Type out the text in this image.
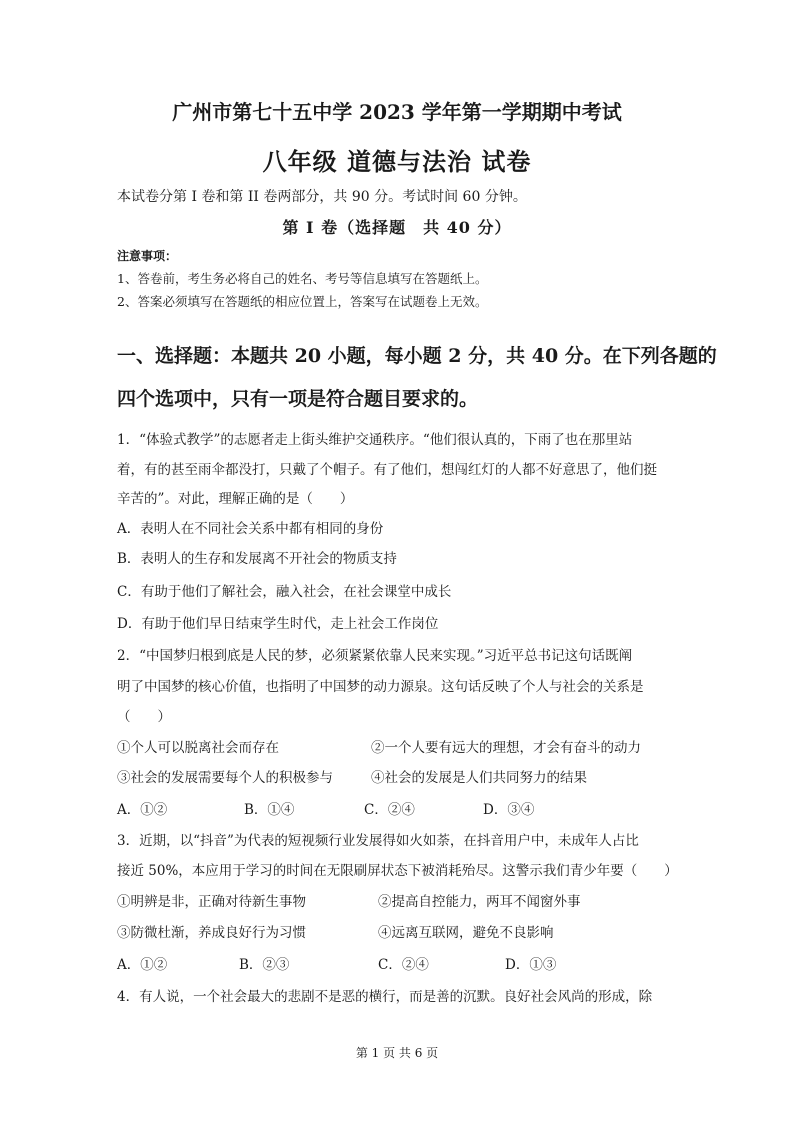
广州市第七十五中学 2023 学年第一学期期中考试

八年级 道德与法治 试卷

本试卷分第 I 卷和第 II 卷两部分，共 90 分。考试时间 60 分钟。

第 I 卷（选择题　共 40 分）

注意事项：

1、答卷前，考生务必将自己的姓名、考号等信息填写在答题纸上。

2、答案必须填写在答题纸的相应位置上，答案写在试题卷上无效。

一、选择题：本题共 20 小题，每小题 2 分，共 40 分。在下列各题的

四个选项中，只有一项是符合题目要求的。

1．“体验式教学”的志愿者走上街头维护交通秩序。“他们很认真的，下雨了也在那里站

着，有的甚至雨伞都没打，只戴了个帽子。有了他们，想闯红灯的人都不好意思了，他们挺

辛苦的”。对此，理解正确的是（　　）

A．表明人在不同社会关系中都有相同的身份

B．表明人的生存和发展离不开社会的物质支持

C．有助于他们了解社会，融入社会，在社会课堂中成长

D．有助于他们早日结束学生时代，走上社会工作岗位

2．“中国梦归根到底是人民的梦，必须紧紧依靠人民来实现。”习近平总书记这句话既阐

明了中国梦的核心价值，也指明了中国梦的动力源泉。这句话反映了个人与社会的关系是

（　　）

①个人可以脱离社会而存在	②一个人要有远大的理想，才会有奋斗的动力

③社会的发展需要每个人的积极参与	④社会的发展是人们共同努力的结果

A．①②	B．①④	C．②④	D．③④

3．近期，以“抖音”为代表的短视频行业发展得如火如荼，在抖音用户中，未成年人占比

接近 50%，本应用于学习的时间在无限刷屏状态下被消耗殆尽。这警示我们青少年要（　　）

①明辨是非，正确对待新生事物	②提高自控能力，两耳不闻窗外事

③防微杜渐，养成良好行为习惯	④远离互联网，避免不良影响

A．①②	B．②③	C．②④	D．①③

4．有人说，一个社会最大的悲剧不是恶的横行，而是善的沉默。良好社会风尚的形成，除

第 1 页 共 6 页
